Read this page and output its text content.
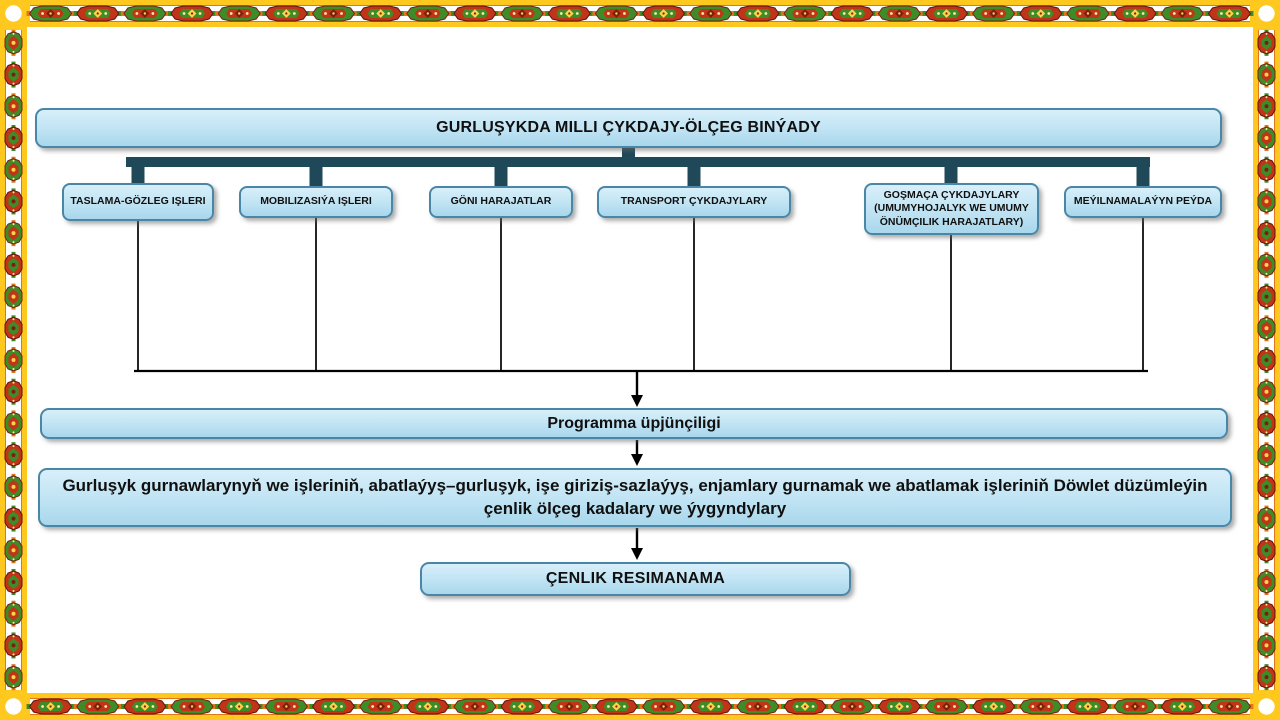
GURLUŞYKDA MILLI ÇYKDAJY-ÖLÇEG BINÝADY
TASLAMA-GÖZLEG IŞLERI	MOBILIZASIÝA IŞLERI	GÖNI HARAJATLAR	TRANSPORT ÇYKDAJYLARY
GOŞMAÇA ÇYKDAJYLARY (UMUMYHOJALYK WE UMUMY ÖNÜMÇILIK HARAJATLARY)
MEÝILNAMALAÝYN PEÝDA
Programma üpjünçiligi
Gurluşyk gurnawlarynyň we işleriniň, abatlaýyş–gurluşyk, işe giriziş-sazlaýyş, enjamlary gurnamak we abatlamak işleriniň Döwlet düzümleýin çenlik ölçeg kadalary we ýygyndylary
ÇENLIK RESIMANAMA
